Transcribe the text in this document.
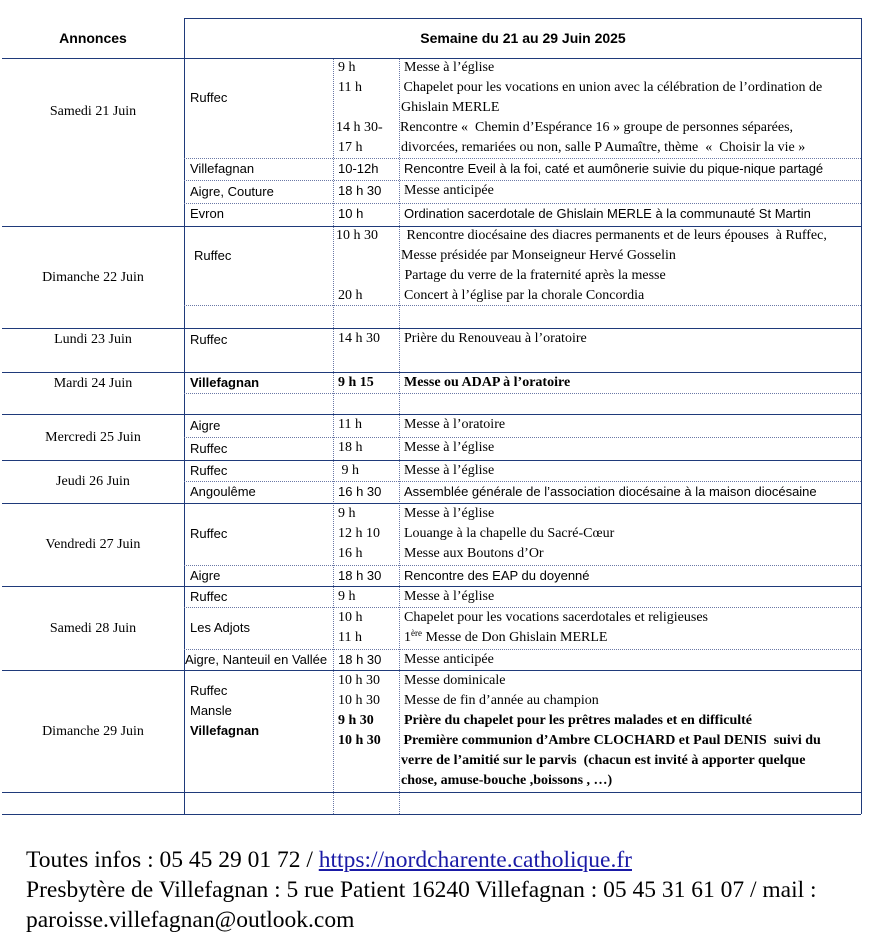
Annonces	Semaine du 21 au 29 Juin 2025
Samedi 21 Juin
Dimanche 22 Juin
Lundi 23 Juin
Mardi 24 Juin
Mercredi 25 Juin
Jeudi 26 Juin
Vendredi 27 Juin
Samedi 28 Juin
Dimanche 29 Juin
Ruffec
Villefagnan
Aigre, Couture
Evron
Ruffec
Ruffec
Villefagnan
Aigre
Ruffec
Ruffec
Angoulême
Ruffec
Aigre
Ruffec
Les Adjots
Aigre, Nanteuil en Vallée
Ruffec
Mansle
Villefagnan
9 h
11 h
14 h 30-
17 h
10-12h
18 h 30
10 h
10 h 30
20 h
14 h 30
9 h 15
11 h
18 h
9 h
16 h 30
9 h
12 h 10
16 h
18 h 30
9 h
10 h
11 h
18 h 30
10 h 30
10 h 30
9 h 30
10 h 30
Messe à l’église
Chapelet pour les vocations en union avec la célébration de l’ordination de
Ghislain MERLE
Rencontre «  Chemin d’Espérance 16 » groupe de personnes séparées,
divorcées, remariées ou non, salle P Aumaître, thème  «  Choisir la vie »
Rencontre Eveil à la foi, caté et aumônerie suivie du pique-nique partagé
Messe anticipée
Ordination sacerdotale de Ghislain MERLE à la communauté St Martin
Rencontre diocésaine des diacres permanents et de leurs épouses  à Ruffec,
Messe présidée par Monseigneur Hervé Gosselin
Partage du verre de la fraternité après la messe
Concert à l’église par la chorale Concordia
Prière du Renouveau à l’oratoire
Messe ou ADAP à l’oratoire
Messe à l’oratoire
Messe à l’église
Messe à l’église
Assemblée générale de l’association diocésaine à la maison diocésaine
Messe à l’église
Louange à la chapelle du Sacré-Cœur
Messe aux Boutons d’Or
Rencontre des EAP du doyenné
Messe à l’église
Chapelet pour les vocations sacerdotales et religieuses
1ère Messe de Don Ghislain MERLE
Messe anticipée
Messe dominicale
Messe de fin d’année au champion
Prière du chapelet pour les prêtres malades et en difficulté
Première communion d’Ambre CLOCHARD et Paul DENIS  suivi du
verre de l’amitié sur le parvis  (chacun est invité à apporter quelque
chose, amuse-bouche ,boissons , …)
Toutes infos : 05 45 29 01 72 / https://nordcharente.catholique.fr
Presbytère de Villefagnan : 5 rue Patient 16240 Villefagnan : 05 45 31 61 07 / mail :
paroisse.villefagnan@outlook.com
